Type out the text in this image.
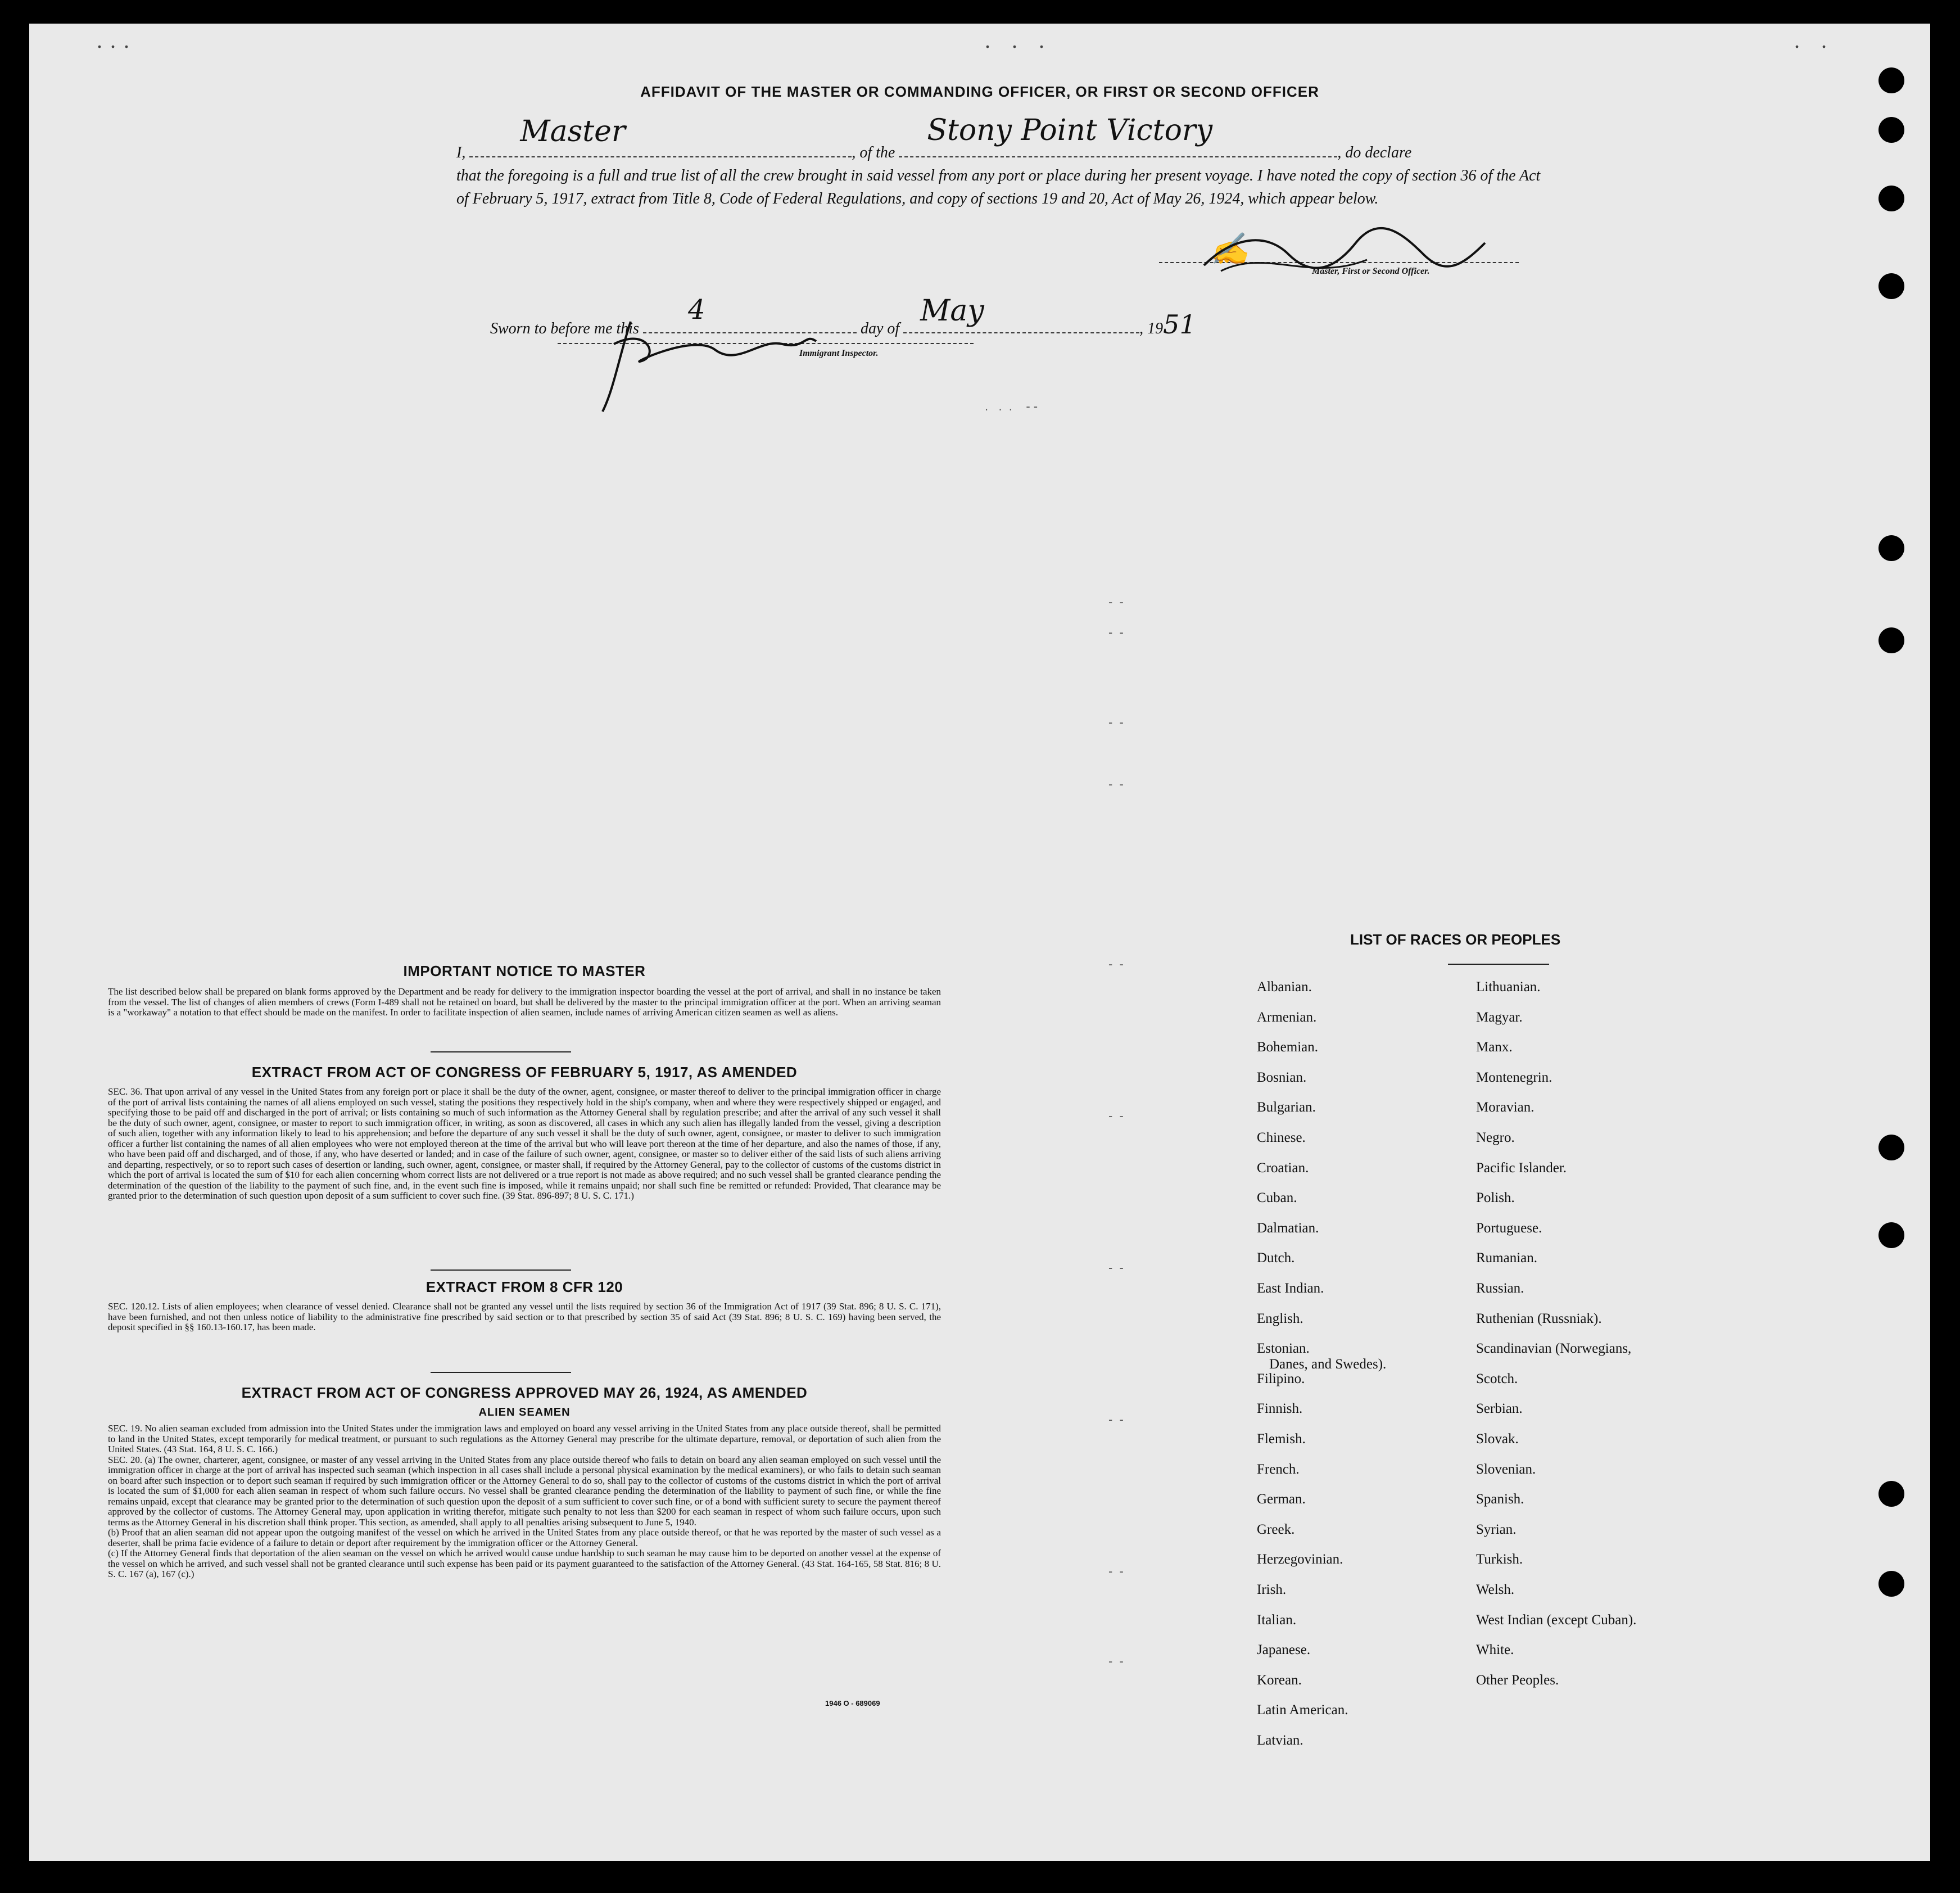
...	. . .	. .
AFFIDAVIT OF THE MASTER OR COMMANDING OFFICER, OR FIRST OR SECOND OFFICER
I,
Master
, of the
Stony Point Victory
, do declare
that the foregoing is a full and true list of all the crew brought in said vessel from any port or place during her present voyage. I have noted the copy of section 36 of the Act of February 5, 1917, extract from Title 8, Code of Federal Regulations, and copy of sections 19 and 20, Act of May 26, 1924, which appear below.
✍
Master, First or Second Officer.
Sworn to before me this
4
day of
May
, 1951
Immigrant Inspector.
.   .  .    - -
-  -
-  -
-  -
-  -
-  -
-  -
-  -
-  -
-  -
-  -
IMPORTANT NOTICE TO MASTER

The list described below shall be prepared on blank forms approved by the Department and be ready for delivery to the immigration inspector boarding the vessel at the port of arrival, and shall in no instance be taken from the vessel. The list of changes of alien members of crews (Form I-489 shall not be retained on board, but shall be delivered by the master to the principal immigration officer at the port. When an arriving seaman is a "workaway" a notation to that effect should be made on the manifest. In order to facilitate inspection of alien seamen, include names of arriving American citizen seamen as well as aliens.

EXTRACT FROM ACT OF CONGRESS OF FEBRUARY 5, 1917, AS AMENDED

SEC. 36. That upon arrival of any vessel in the United States from any foreign port or place it shall be the duty of the owner, agent, consignee, or master thereof to deliver to the principal immigration officer in charge of the port of arrival lists containing the names of all aliens employed on such vessel, stating the positions they respectively hold in the ship's company, when and where they were respectively shipped or engaged, and specifying those to be paid off and discharged in the port of arrival; or lists containing so much of such information as the Attorney General shall by regulation prescribe; and after the arrival of any such vessel it shall be the duty of such owner, agent, consignee, or master to report to such immigration officer, in writing, as soon as discovered, all cases in which any such alien has illegally landed from the vessel, giving a description of such alien, together with any information likely to lead to his apprehension; and before the departure of any such vessel it shall be the duty of such owner, agent, consignee, or master to deliver to such immigration officer a further list containing the names of all alien employees who were not employed thereon at the time of the arrival but who will leave port thereon at the time of her departure, and also the names of those, if any, who have been paid off and discharged, and of those, if any, who have deserted or landed; and in case of the failure of such owner, agent, consignee, or master so to deliver either of the said lists of such aliens arriving and departing, respectively, or so to report such cases of desertion or landing, such owner, agent, consignee, or master shall, if required by the Attorney General, pay to the collector of customs of the customs district in which the port of arrival is located the sum of $10 for each alien concerning whom correct lists are not delivered or a true report is not made as above required; and no such vessel shall be granted clearance pending the determination of the question of the liability to the payment of such fine, and, in the event such fine is imposed, while it remains unpaid; nor shall such fine be remitted or refunded: Provided, That clearance may be granted prior to the determination of such question upon deposit of a sum sufficient to cover such fine. (39 Stat. 896-897; 8 U. S. C. 171.)

EXTRACT FROM 8 CFR 120

SEC. 120.12. Lists of alien employees; when clearance of vessel denied. Clearance shall not be granted any vessel until the lists required by section 36 of the Immigration Act of 1917 (39 Stat. 896; 8 U. S. C. 171), have been furnished, and not then unless notice of liability to the administrative fine prescribed by said section or to that prescribed by section 35 of said Act (39 Stat. 896; 8 U. S. C. 169) having been served, the deposit specified in §§ 160.13-160.17, has been made.

EXTRACT FROM ACT OF CONGRESS APPROVED MAY 26, 1924, AS AMENDED
ALIEN SEAMEN

SEC. 19. No alien seaman excluded from admission into the United States under the immigration laws and employed on board any vessel arriving in the United States from any place outside thereof, shall be permitted to land in the United States, except temporarily for medical treatment, or pursuant to such regulations as the Attorney General may prescribe for the ultimate departure, removal, or deportation of such alien from the United States. (43 Stat. 164, 8 U. S. C. 166.)

SEC. 20. (a) The owner, charterer, agent, consignee, or master of any vessel arriving in the United States from any place outside thereof who fails to detain on board any alien seaman employed on such vessel until the immigration officer in charge at the port of arrival has inspected such seaman (which inspection in all cases shall include a personal physical examination by the medical examiners), or who fails to detain such seaman on board after such inspection or to deport such seaman if required by such immigration officer or the Attorney General to do so, shall pay to the collector of customs of the customs district in which the port of arrival is located the sum of $1,000 for each alien seaman in respect of whom such failure occurs. No vessel shall be granted clearance pending the determination of the liability to payment of such fine, or while the fine remains unpaid, except that clearance may be granted prior to the determination of such question upon the deposit of a sum sufficient to cover such fine, or of a bond with sufficient surety to secure the payment thereof approved by the collector of customs. The Attorney General may, upon application in writing therefor, mitigate such penalty to not less than $200 for each seaman in respect of whom such failure occurs, upon such terms as the Attorney General in his discretion shall think proper. This section, as amended, shall apply to all penalties arising subsequent to June 5, 1940.

(b) Proof that an alien seaman did not appear upon the outgoing manifest of the vessel on which he arrived in the United States from any place outside thereof, or that he was reported by the master of such vessel as a deserter, shall be prima facie evidence of a failure to detain or deport after requirement by the immigration officer or the Attorney General.

(c) If the Attorney General finds that deportation of the alien seaman on the vessel on which he arrived would cause undue hardship to such seaman he may cause him to be deported on another vessel at the expense of the vessel on which he arrived, and such vessel shall not be granted clearance until such expense has been paid or its payment guaranteed to the satisfaction of the Attorney General. (43 Stat. 164-165, 58 Stat. 816; 8 U. S. C. 167 (a), 167 (c).)

1946 O - 689069
LIST OF RACES OR PEOPLES
Albanian.
Armenian.
Bohemian.
Bosnian.
Bulgarian.
Chinese.
Croatian.
Cuban.
Dalmatian.
Dutch.
East Indian.
English.
Estonian.
Filipino.
Finnish.
Flemish.
French.
German.
Greek.
Herzegovinian.
Irish.
Italian.
Japanese.
Korean.
Latin American.
Latvian.
Lithuanian.
Magyar.
Manx.
Montenegrin.
Moravian.
Negro.
Pacific Islander.
Polish.
Portuguese.
Rumanian.
Russian.
Ruthenian (Russniak).
Scandinavian (Norwegians,
Danes, and Swedes).
Scotch.
Serbian.
Slovak.
Slovenian.
Spanish.
Syrian.
Turkish.
Welsh.
West Indian (except Cuban).
White.
Other Peoples.
